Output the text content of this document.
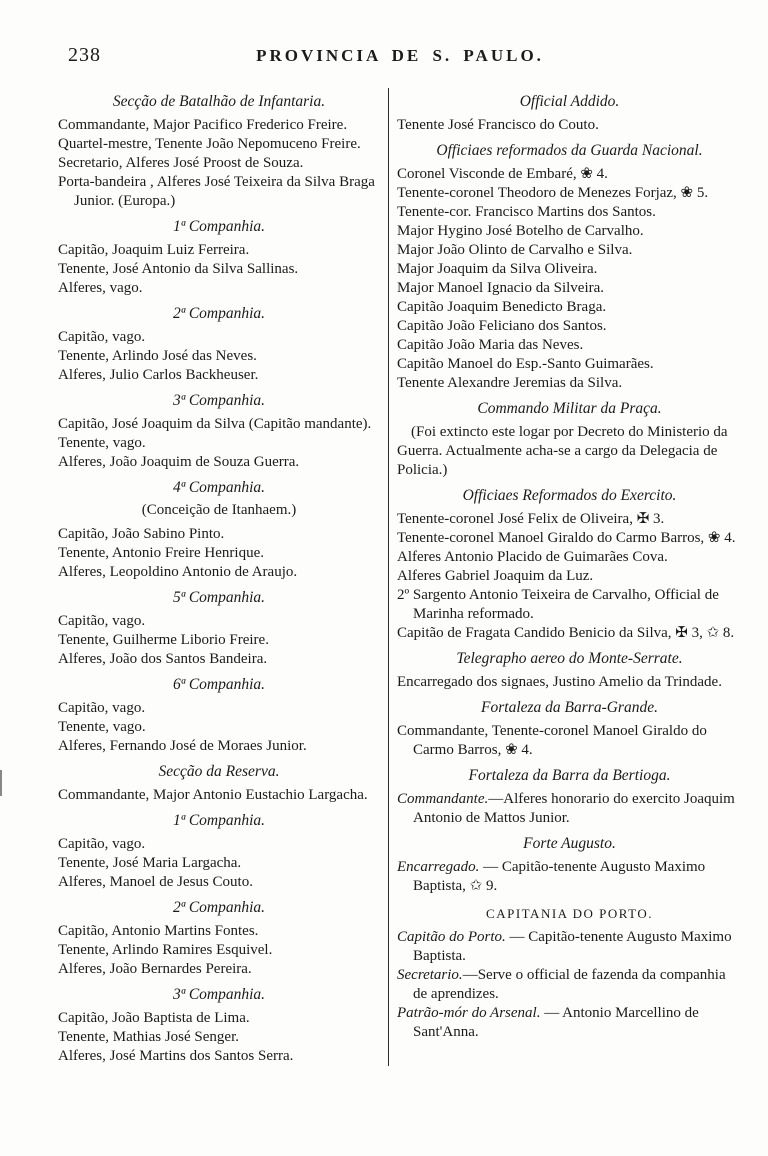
238	PROVINCIA DE S. PAULO.
Secção de Batalhão de Infantaria.

Commandante, Major Pacifico Frederico Freire.

Quartel-mestre, Tenente João Nepomuceno Freire.

Secretario, Alferes José Proost de Souza.

Porta-bandeira , Alferes José Teixeira da Silva Braga Junior. (Europa.)

1ª Companhia.

Capitão, Joaquim Luiz Ferreira.

Tenente, José Antonio da Silva Sallinas.

Alferes, vago.

2ª Companhia.

Capitão, vago.

Tenente, Arlindo José das Neves.

Alferes, Julio Carlos Backheuser.

3ª Companhia.

Capitão, José Joaquim da Silva (Capitão mandante).

Tenente, vago.

Alferes, João Joaquim de Souza Guerra.

4ª Companhia.
(Conceição de Itanhaem.)

Capitão, João Sabino Pinto.

Tenente, Antonio Freire Henrique.

Alferes, Leopoldino Antonio de Araujo.

5ª Companhia.

Capitão, vago.

Tenente, Guilherme Liborio Freire.

Alferes, João dos Santos Bandeira.

6ª Companhia.

Capitão, vago.

Tenente, vago.

Alferes, Fernando José de Moraes Junior.

Secção da Reserva.

Commandante, Major Antonio Eustachio Largacha.

1ª Companhia.

Capitão, vago.

Tenente, José Maria Largacha.

Alferes, Manoel de Jesus Couto.

2ª Companhia.

Capitão, Antonio Martins Fontes.

Tenente, Arlindo Ramires Esquivel.

Alferes, João Bernardes Pereira.

3ª Companhia.

Capitão, João Baptista de Lima.

Tenente, Mathias José Senger.

Alferes, José Martins dos Santos Serra.

Official Addido.

Tenente José Francisco do Couto.

Officiaes reformados da Guarda Nacional.

Coronel Visconde de Embaré, ❀ 4.

Tenente-coronel Theodoro de Menezes Forjaz, ❀ 5.

Tenente-cor. Francisco Martins dos Santos.

Major Hygino José Botelho de Carvalho.

Major João Olinto de Carvalho e Silva.

Major Joaquim da Silva Oliveira.

Major Manoel Ignacio da Silveira.

Capitão Joaquim Benedicto Braga.

Capitão João Feliciano dos Santos.

Capitão João Maria das Neves.

Capitão Manoel do Esp.-Santo Guimarães.

Tenente Alexandre Jeremias da Silva.

Commando Militar da Praça.

(Foi extincto este logar por Decreto do Ministerio da Guerra. Actualmente acha-se a cargo da Delegacia de Policia.)

Officiaes Reformados do Exercito.

Tenente-coronel José Felix de Oliveira, ✠ 3.

Tenente-coronel Manoel Giraldo do Carmo Barros, ❀ 4.

Alferes Antonio Placido de Guimarães Cova.

Alferes Gabriel Joaquim da Luz.

2º Sargento Antonio Teixeira de Carvalho, Official de Marinha reformado.

Capitão de Fragata Candido Benicio da Silva, ✠ 3, ✩ 8.

Telegrapho aereo do Monte-Serrate.

Encarregado dos signaes, Justino Amelio da Trindade.

Fortaleza da Barra-Grande.

Commandante, Tenente-coronel Manoel Giraldo do Carmo Barros, ❀ 4.

Fortaleza da Barra da Bertioga.

Commandante.—Alferes honorario do exercito Joaquim Antonio de Mattos Junior.

Forte Augusto.

Encarregado. — Capitão-tenente Augusto Maximo Baptista, ✩ 9.

CAPITANIA DO PORTO.

Capitão do Porto. — Capitão-tenente Augusto Maximo Baptista.

Secretario.—Serve o official de fazenda da companhia de aprendizes.

Patrão-mór do Arsenal. — Antonio Marcellino de Sant'Anna.
